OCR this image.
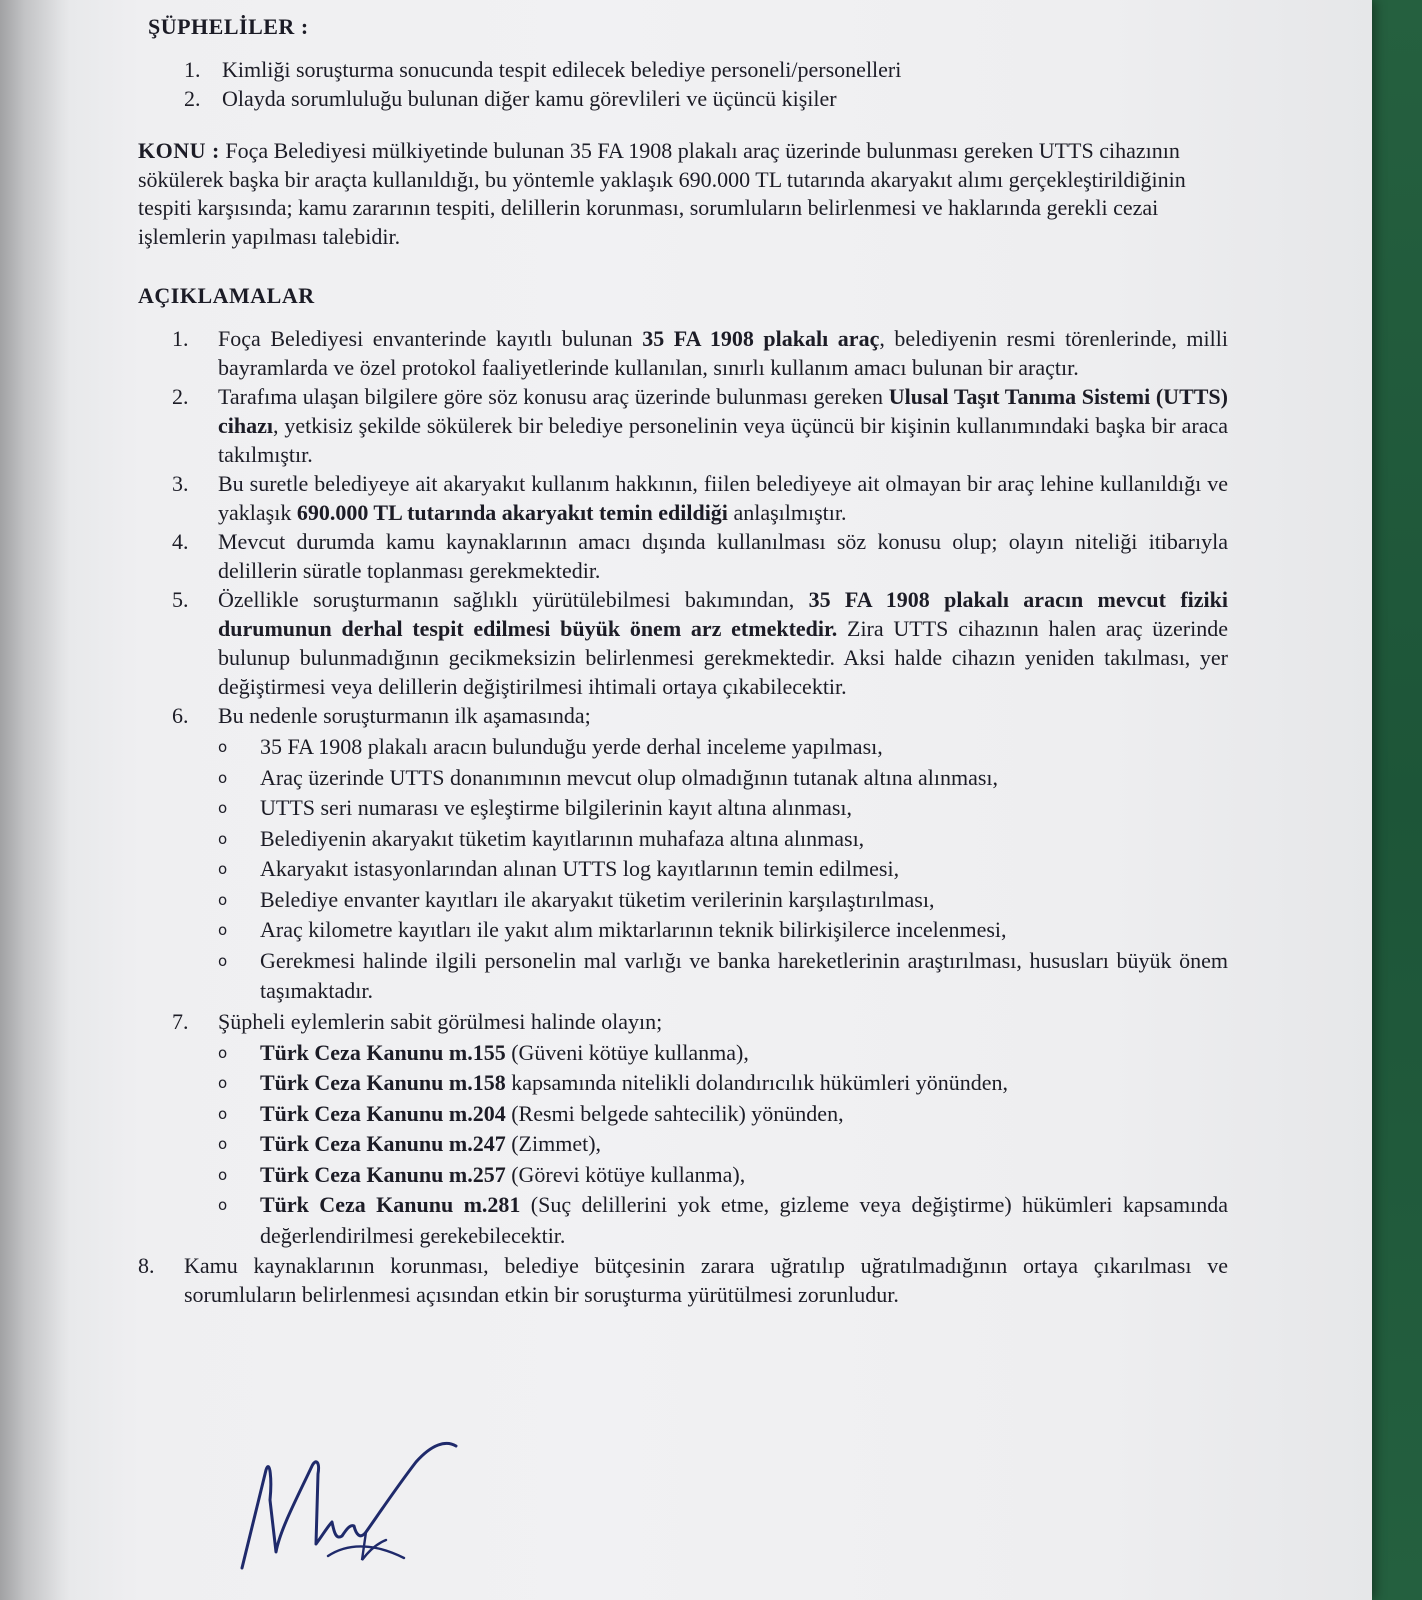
ŞÜPHELİLER :

1. Kimliği soruşturma sonucunda tespit edilecek belediye personeli/personelleri
2. Olayda sorumluluğu bulunan diğer kamu görevlileri ve üçüncü kişiler
KONU : Foça Belediyesi mülkiyetinde bulunan 35 FA 1908 plakalı araç üzerinde bulunması gereken UTTS cihazının sökülerek başka bir araçta kullanıldığı, bu yöntemle yaklaşık 690.000 TL tutarında akaryakıt alımı gerçekleştirildiğinin tespiti karşısında; kamu zararının tespiti, delillerin korunması, sorumluların belirlenmesi ve haklarında gerekli cezai işlemlerin yapılması talebidir.

AÇIKLAMALAR

1.	Foça Belediyesi envanterinde kayıtlı bulunan 35 FA 1908 plakalı araç, belediyenin resmi törenlerinde, milli bayramlarda ve özel protokol faaliyetlerinde kullanılan, sınırlı kullanım amacı bulunan bir araçtır.
2.	Tarafıma ulaşan bilgilere göre söz konusu araç üzerinde bulunması gereken Ulusal Taşıt Tanıma Sistemi (UTTS) cihazı, yetkisiz şekilde sökülerek bir belediye personelinin veya üçüncü bir kişinin kullanımındaki başka bir araca takılmıştır.
3.	Bu suretle belediyeye ait akaryakıt kullanım hakkının, fiilen belediyeye ait olmayan bir araç lehine kullanıldığı ve yaklaşık 690.000 TL tutarında akaryakıt temin edildiği anlaşılmıştır.
4.	Mevcut durumda kamu kaynaklarının amacı dışında kullanılması söz konusu olup; olayın niteliği itibarıyla delillerin süratle toplanması gerekmektedir.
5.	Özellikle soruşturmanın sağlıklı yürütülebilmesi bakımından, 35 FA 1908 plakalı aracın mevcut fiziki durumunun derhal tespit edilmesi büyük önem arz etmektedir. Zira UTTS cihazının halen araç üzerinde bulunup bulunmadığının gecikmeksizin belirlenmesi gerekmektedir. Aksi halde cihazın yeniden takılması, yer değiştirmesi veya delillerin değiştirilmesi ihtimali ortaya çıkabilecektir.
6.	Bu nedenle soruşturmanın ilk aşamasında;
o	35 FA 1908 plakalı aracın bulunduğu yerde derhal inceleme yapılması,
o	Araç üzerinde UTTS donanımının mevcut olup olmadığının tutanak altına alınması,
o	UTTS seri numarası ve eşleştirme bilgilerinin kayıt altına alınması,
o	Belediyenin akaryakıt tüketim kayıtlarının muhafaza altına alınması,
o	Akaryakıt istasyonlarından alınan UTTS log kayıtlarının temin edilmesi,
o	Belediye envanter kayıtları ile akaryakıt tüketim verilerinin karşılaştırılması,
o	Araç kilometre kayıtları ile yakıt alım miktarlarının teknik bilirkişilerce incelenmesi,
o	Gerekmesi halinde ilgili personelin mal varlığı ve banka hareketlerinin araştırılması, hususları büyük önem taşımaktadır.
7.	Şüpheli eylemlerin sabit görülmesi halinde olayın;
o	Türk Ceza Kanunu m.155 (Güveni kötüye kullanma),
o	Türk Ceza Kanunu m.158 kapsamında nitelikli dolandırıcılık hükümleri yönünden,
o	Türk Ceza Kanunu m.204 (Resmi belgede sahtecilik) yönünden,
o	Türk Ceza Kanunu m.247 (Zimmet),
o	Türk Ceza Kanunu m.257 (Görevi kötüye kullanma),
o	Türk Ceza Kanunu m.281 (Suç delillerini yok etme, gizleme veya değiştirme) hükümleri kapsamında değerlendirilmesi gerekebilecektir.
8.	Kamu kaynaklarının korunması, belediye bütçesinin zarara uğratılıp uğratılmadığının ortaya çıkarılması ve sorumluların belirlenmesi açısından etkin bir soruşturma yürütülmesi zorunludur.
